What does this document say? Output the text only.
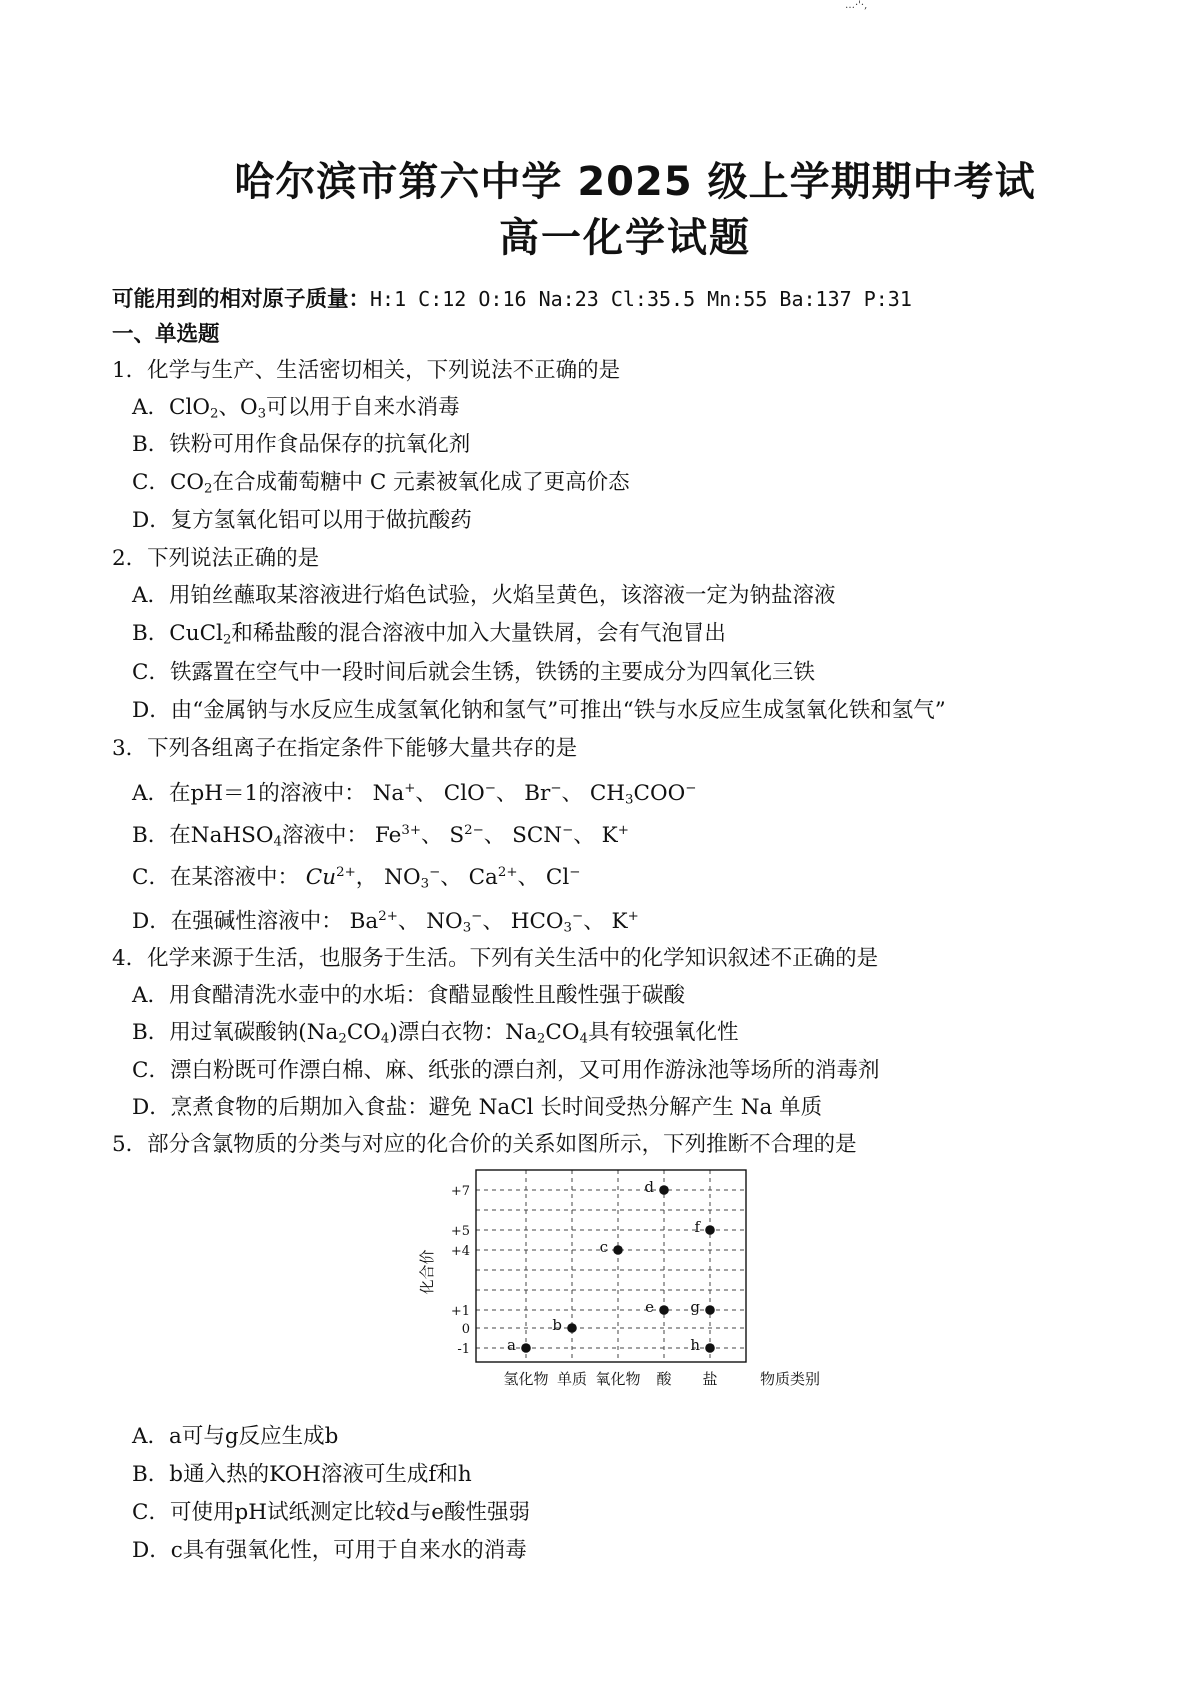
…·'·,
哈尔滨市第六中学 2025 级上学期期中考试
高一化学试题
可能用到的相对原子质量：H:1 C:12 O:16 Na:23 Cl:35.5 Mn:55 Ba:137 P:31
一、单选题
1．化学与生产、生活密切相关，下列说法不正确的是
A．ClO$_2$、$O_3$可以用于自来水消毒
B．铁粉可用作食品保存的抗氧化剂
C．$CO_2$在合成葡萄糖中 C 元素被氧化成了更高价态
D．复方氢氧化铝可以用于做抗酸药
2．下列说法正确的是
A．用铂丝蘸取某溶液进行焰色试验，火焰呈黄色，该溶液一定为钠盐溶液
B．CuCl$_2$和稀盐酸的混合溶液中加入大量铁屑，会有气泡冒出
C．铁露置在空气中一段时间后就会生锈，铁锈的主要成分为四氧化三铁
D．由“金属钠与水反应生成氢氧化钠和氢气”可推出“铁与水反应生成氢氧化铁和氢气”
3．下列各组离子在指定条件下能够大量共存的是
A．在pH＝1的溶液中： Na+、 ClO−、 Br−、 $CH_3COO^-$
B．在NaHSO$_4$溶液中： $Fe^{3+}$、 $S^{2-}$、 SCN−、 K+
C．在某溶液中： $Cu^{2+}$， $NO_3^-$、 $Ca^{2+}$、 Cl−
D．在强碱性溶液中： $Ba^{2+}$、 $NO_3^-$、 $HCO_3^-$、 K+
4．化学来源于生活，也服务于生活。下列有关生活中的化学知识叙述不正确的是
A．用食醋清洗水壶中的水垢：食醋显酸性且酸性强于碳酸
B．用过氧碳酸钠$(Na_2CO_4)$漂白衣物：$Na_2CO_4$具有较强氧化性
C．漂白粉既可作漂白棉、麻、纸张的漂白剂，又可用作游泳池等场所的消毒剂
D．烹煮食物的后期加入食盐：避免 NaCl 长时间受热分解产生 Na 单质
5．部分含氯物质的分类与对应的化合价的关系如图所示，下列推断不合理的是
+7
+5
+4
+1
0
-1
化合价
氢化物 单质 氧化物 酸 盐	物质类别
a
b
c
d
e
f
g
h
A．a可与g反应生成b
B．b通入热的KOH溶液可生成f和h
C．可使用pH试纸测定比较d与e酸性强弱
D．c具有强氧化性，可用于自来水的消毒
